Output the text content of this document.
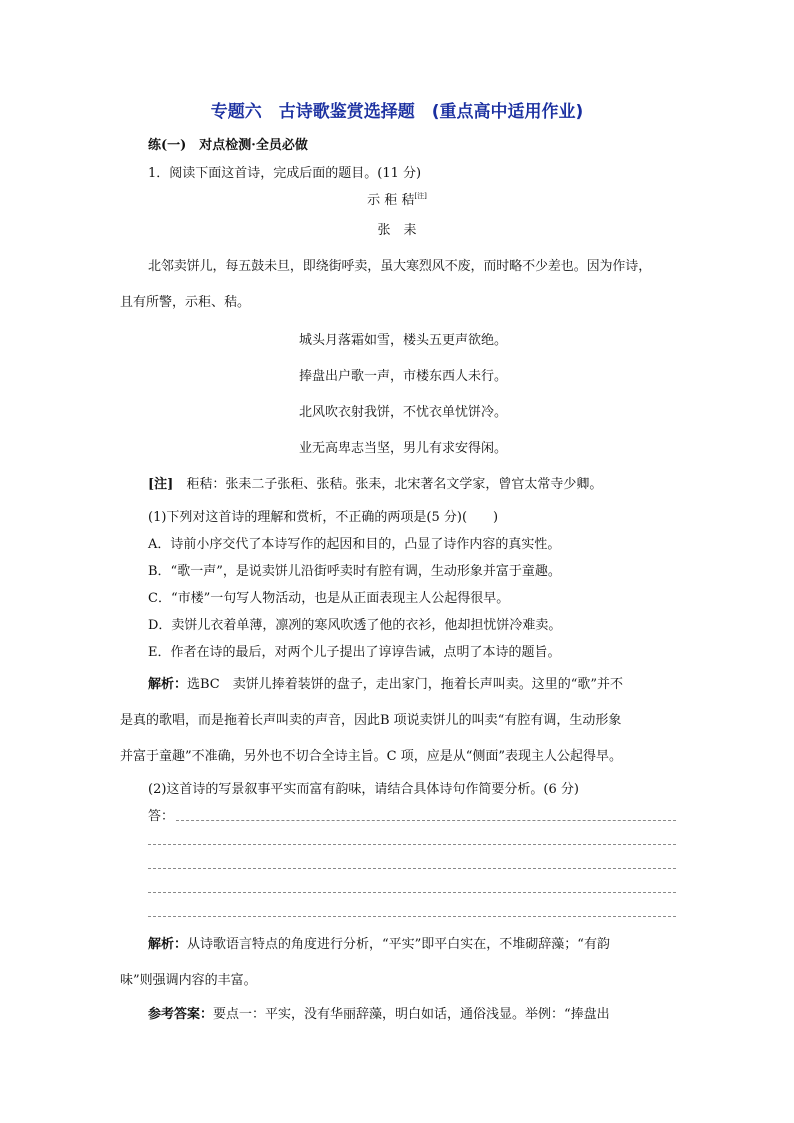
专题六　古诗歌鉴赏选择题　(重点高中适用作业)
练(一)　对点检测·全员必做
1．阅读下面这首诗，完成后面的题目。(11 分)
示 秬 秸[注]
张　耒
北邻卖饼儿，每五鼓未旦，即绕街呼卖，虽大寒烈风不废，而时略不少差也。因为作诗，
且有所警，示秬、秸。
城头月落霜如雪，楼头五更声欲绝。
捧盘出户歌一声，市楼东西人未行。
北风吹衣射我饼，不忧衣单忧饼冷。
业无高卑志当坚，男儿有求安得闲。
[注]　 秬秸：张耒二子张秬、张秸。张耒，北宋著名文学家，曾官太常寺少卿。
(1)下列对这首诗的理解和赏析，不正确的两项是(5 分)(　　)
A．诗前小序交代了本诗写作的起因和目的，凸显了诗作内容的真实性。
B．“歌一声”，是说卖饼儿沿街呼卖时有腔有调，生动形象并富于童趣。
C．“市楼”一句写人物活动，也是从正面表现主人公起得很早。
D．卖饼儿衣着单薄，凛冽的寒风吹透了他的衣衫，他却担忧饼冷难卖。
E．作者在诗的最后，对两个儿子提出了谆谆告诫，点明了本诗的题旨。
解析：选BC　卖饼儿捧着装饼的盘子，走出家门，拖着长声叫卖。这里的“歌”并不
是真的歌唱，而是拖着长声叫卖的声音，因此B 项说卖饼儿的叫卖“有腔有调，生动形象
并富于童趣”不准确，另外也不切合全诗主旨。C 项，应是从“侧面”表现主人公起得早。
(2)这首诗的写景叙事平实而富有韵味，请结合具体诗句作简要分析。(6 分)
答：
解析：从诗歌语言特点的角度进行分析，“平实”即平白实在，不堆砌辞藻；“有韵
味”则强调内容的丰富。
参考答案：要点一：平实，没有华丽辞藻，明白如话，通俗浅显。举例：“捧盘出
